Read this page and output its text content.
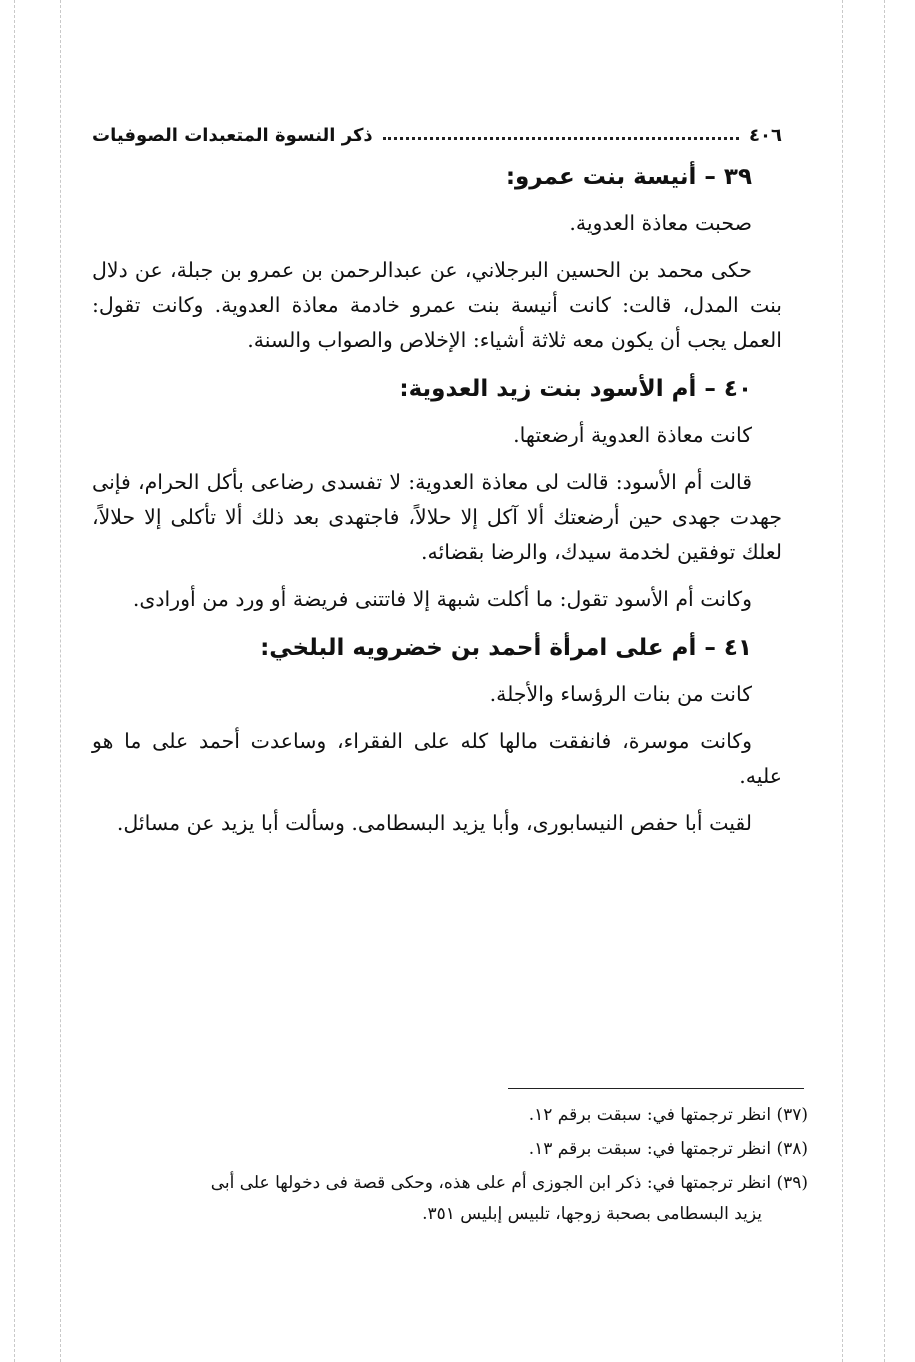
٤٠٦
ذكر النسوة المتعبدات الصوفيات
٣٩ – أنيسة بنت عمرو:

صحبت معاذة العدوية.

حكى محمد بن الحسين البرجلاني، عن عبدالرحمن بن عمرو بن جبلة، عن دلال بنت المدل، قالت: كانت أنيسة بنت عمرو خادمة معاذة العدوية. وكانت تقول: العمل يجب أن يكون معه ثلاثة أشياء: الإخلاص والصواب والسنة.

٤٠ – أم الأسود بنت زيد العدوية:

كانت معاذة العدوية أرضعتها.

قالت أم الأسود: قالت لى معاذة العدوية: لا تفسدى رضاعى بأكل الحرام، فإنى جهدت جهدى حين أرضعتك ألا آكل إلا حلالاً، فاجتهدى بعد ذلك ألا تأكلى إلا حلالاً، لعلك توفقين لخدمة سيدك، والرضا بقضائه.

وكانت أم الأسود تقول: ما أكلت شبهة إلا فاتتنى فريضة أو ورد من أورادى.

٤١ – أم على امرأة أحمد بن خضرويه البلخي:

كانت من بنات الرؤساء والأجلة.

وكانت موسرة، فانفقت مالها كله على الفقراء، وساعدت أحمد على ما هو عليه.

لقيت أبا حفص النيسابورى، وأبا يزيد البسطامى. وسألت أبا يزيد عن مسائل.

(٣٧) انظر ترجمتها في: سبقت برقم ١٢.
(٣٨) انظر ترجمتها في: سبقت برقم ١٣.
(٣٩) انظر ترجمتها في: ذكر ابن الجوزى أم على هذه، وحكى قصة فى دخولها على أبى
يزيد البسطامى بصحبة زوجها، تلبيس إبليس ٣٥١.
